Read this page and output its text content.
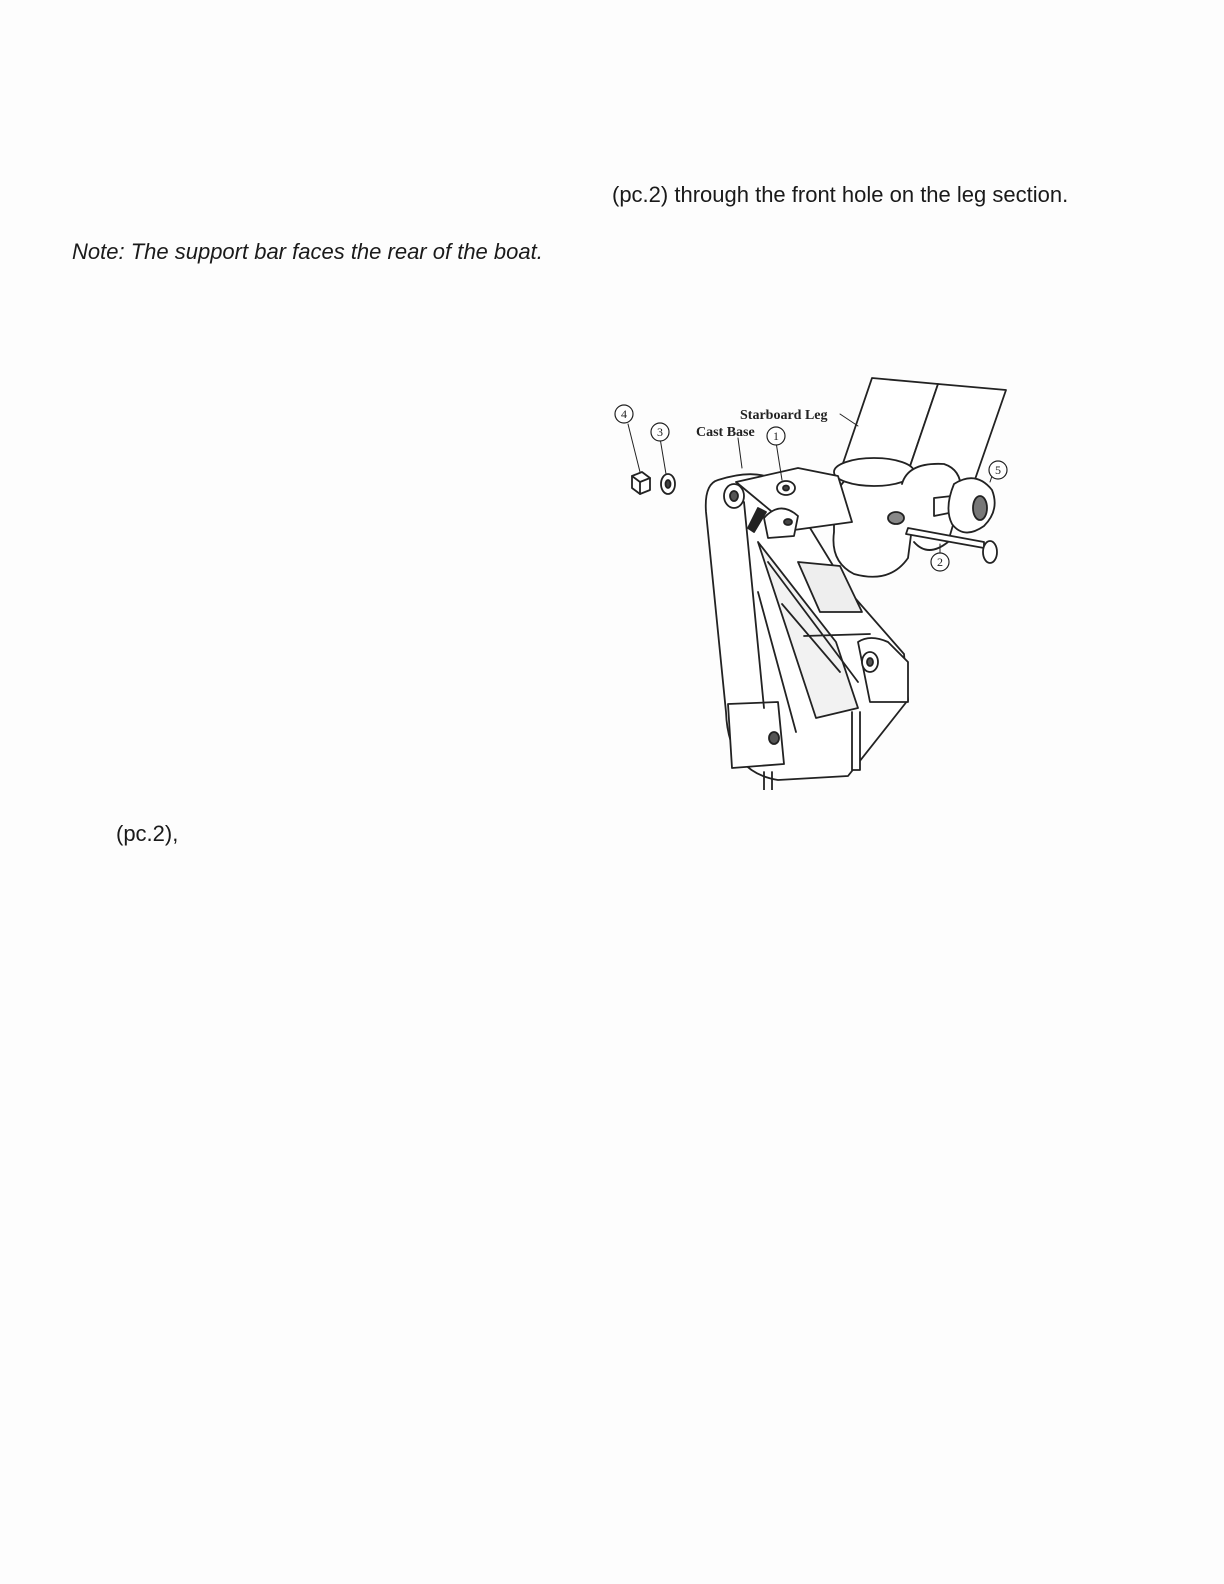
(pc.2) through the front hole on the leg section.
Note: The support bar faces the rear of the boat.
(pc.2),
Starboard Leg
Cast Base
4
3	1
2
5
